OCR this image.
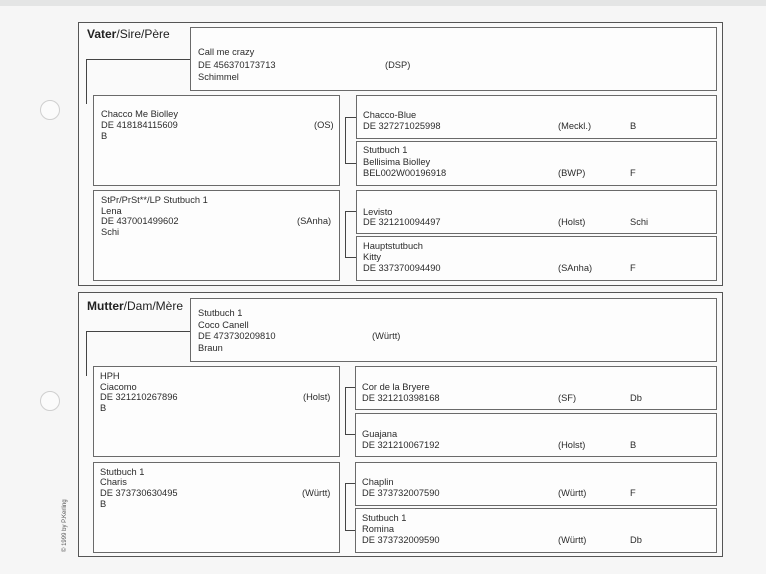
© 1999 by P.Kerling
Vater/Sire/Père
Call me crazy
DE 456370173713	(DSP)
Schimmel
Chacco Me Biolley
DE 418184115609	(OS)
B
StPr/PrSt**/LP Stutbuch 1
Lena
DE 437001499602	(SAnha)
Schi
Chacco-Blue
DE 327271025998	(Meckl.)	B
Stutbuch 1
Bellisima Biolley
BEL002W00196918	(BWP)	F
Levisto
DE 321210094497	(Holst)	Schi
Hauptstutbuch
Kitty
DE 337370094490	(SAnha)	F
Mutter/Dam/Mère Stutbuch 1
Coco Canell
DE 473730209810	(Württ)
Braun
HPH
Ciacomo
DE 321210267896	(Holst)
B
Stutbuch 1
Charis
DE 373730630495	(Württ)
B
Cor de la Bryere
DE 321210398168	(SF)	Db
Guajana
DE 321210067192	(Holst)	B
Chaplin
DE 373732007590	(Württ)	F
Stutbuch 1
Romina
DE 373732009590	(Württ)	Db
